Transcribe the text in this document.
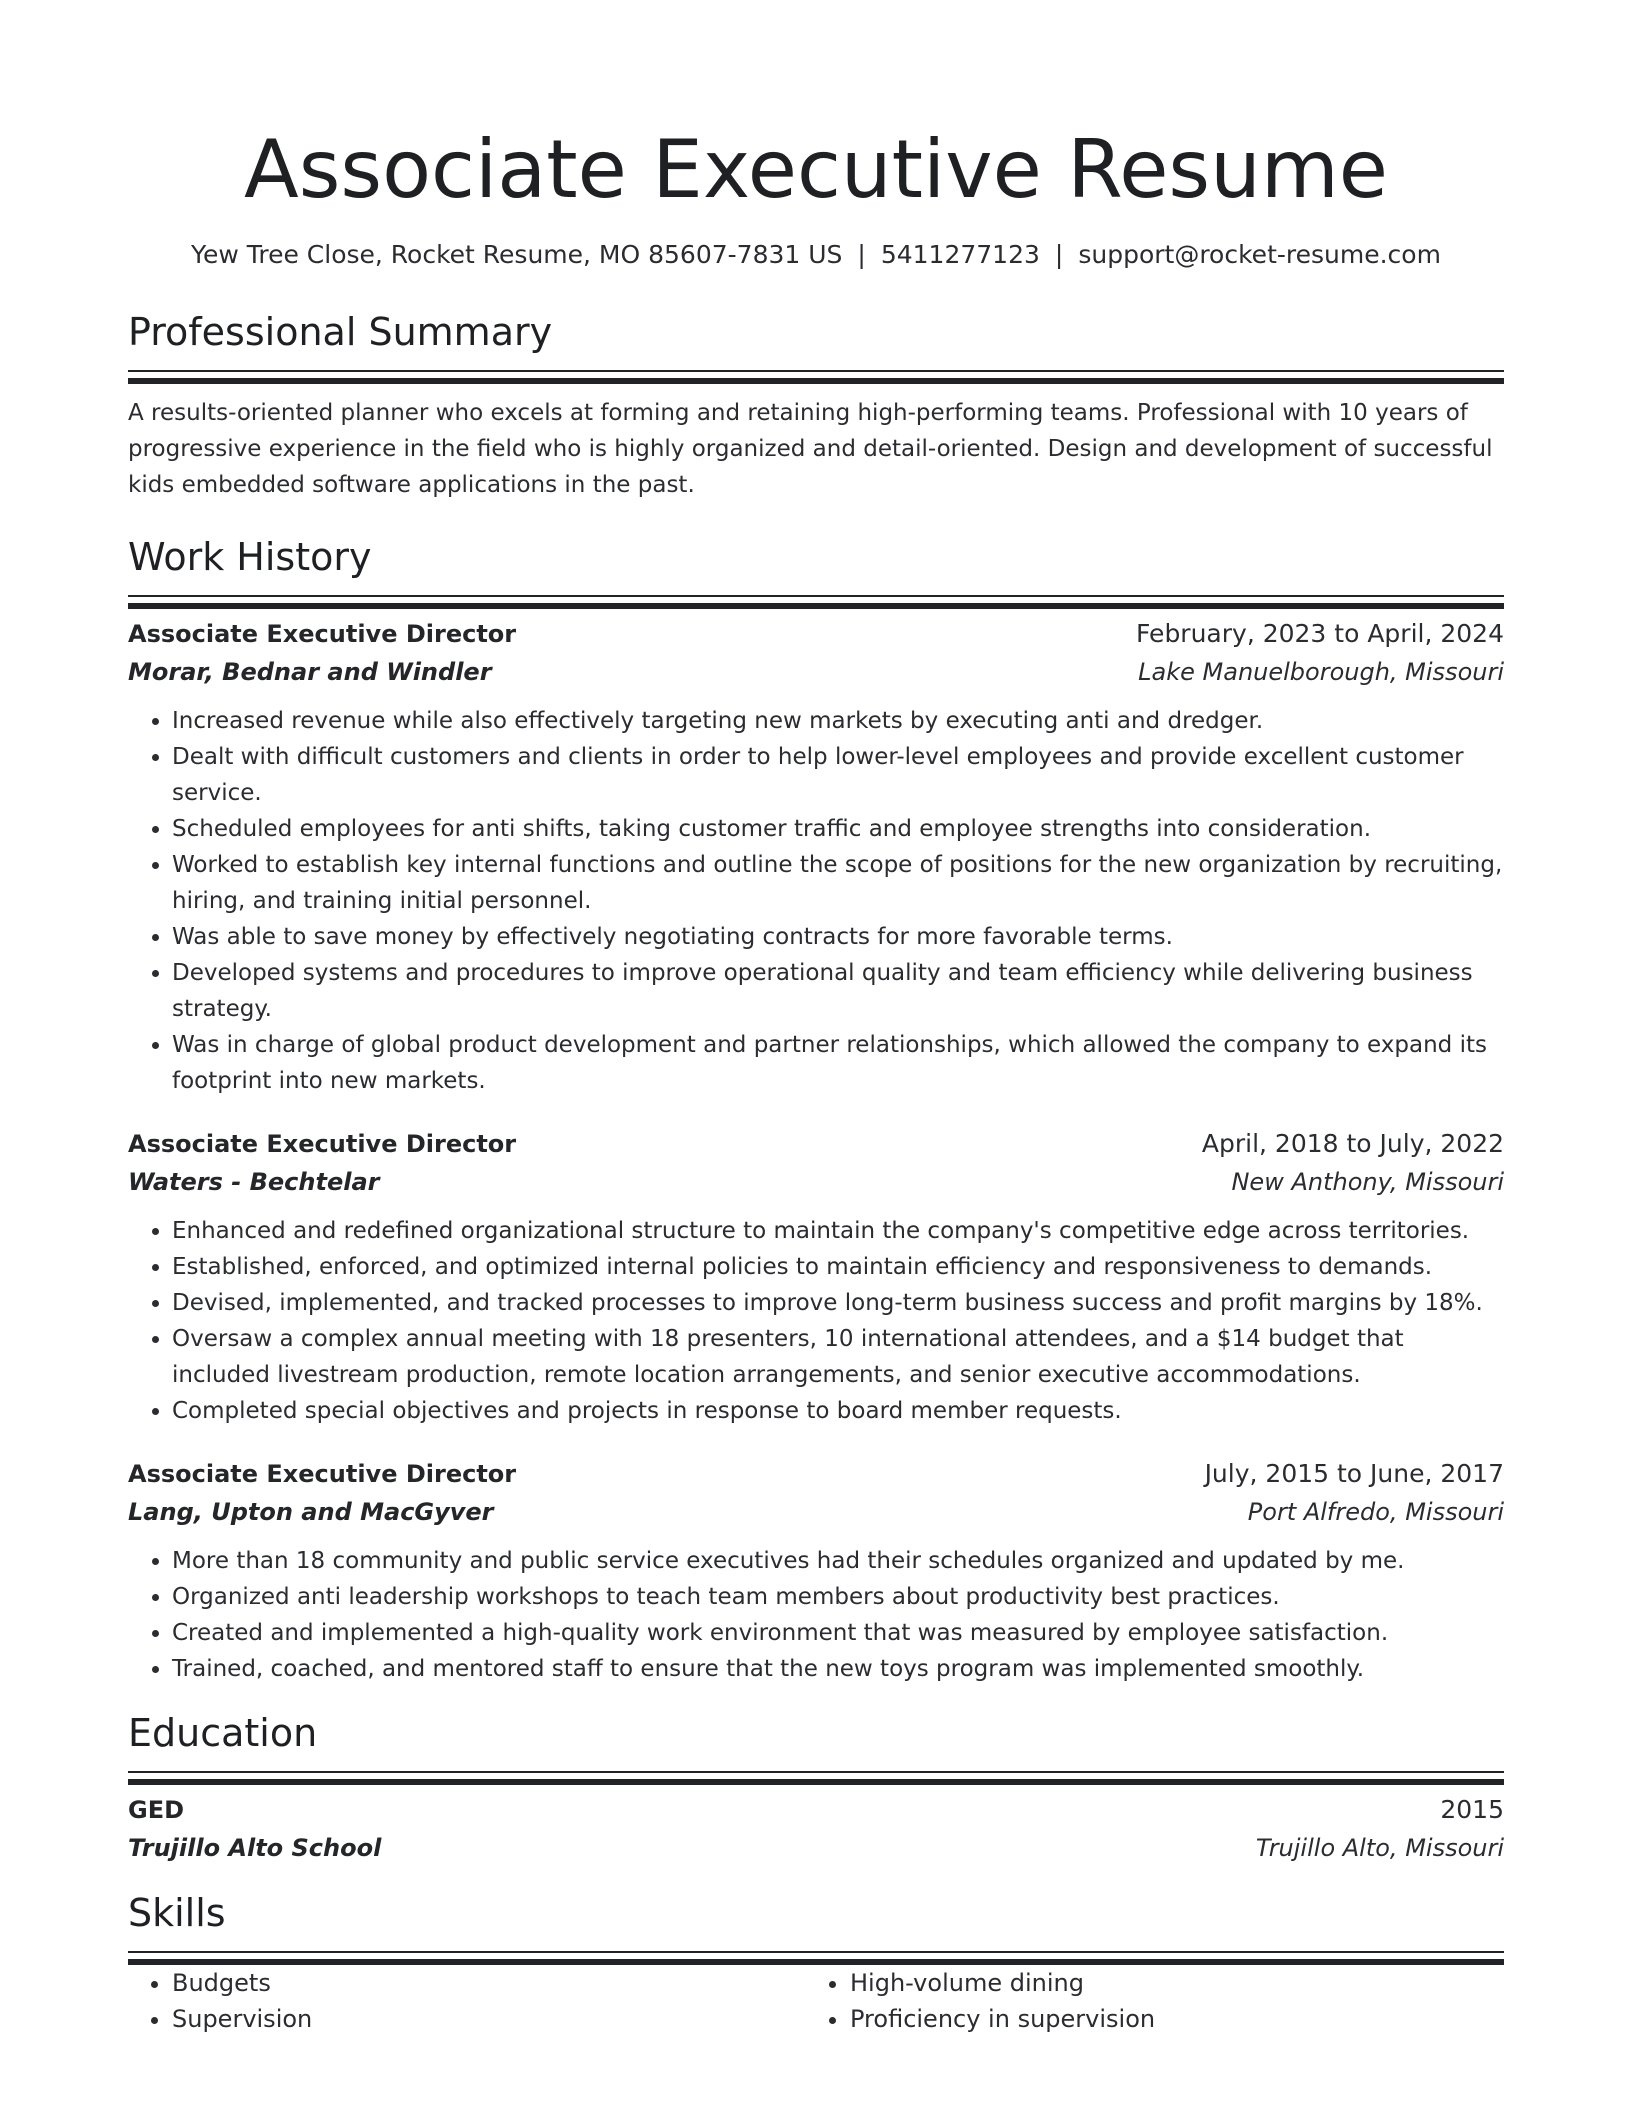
Associate Executive Resume
Yew Tree Close, Rocket Resume, MO 85607-7831 US | 5411277123 | support@rocket-resume.com
Professional Summary

A results-oriented planner who excels at forming and retaining high-performing teams. Professional with 10 years of progressive experience in the field who is highly organized and detail-oriented. Design and development of successful kids embedded software applications in the past.

Work History
Associate Executive Director	February, 2023 to April, 2024
Morar, Bednar and Windler	Lake Manuelborough, Missouri
• Increased revenue while also effectively targeting new markets by executing anti and dredger.
• Dealt with difficult customers and clients in order to help lower-level employees and provide excellent customer service.
• Scheduled employees for anti shifts, taking customer traffic and employee strengths into consideration.
• Worked to establish key internal functions and outline the scope of positions for the new organization by recruiting, hiring, and training initial personnel.
• Was able to save money by effectively negotiating contracts for more favorable terms.
• Developed systems and procedures to improve operational quality and team efficiency while delivering business strategy.
• Was in charge of global product development and partner relationships, which allowed the company to expand its footprint into new markets.
Associate Executive Director	April, 2018 to July, 2022
Waters - Bechtelar	New Anthony, Missouri
• Enhanced and redefined organizational structure to maintain the company's competitive edge across territories.
• Established, enforced, and optimized internal policies to maintain efficiency and responsiveness to demands.
• Devised, implemented, and tracked processes to improve long-term business success and profit margins by 18%.
• Oversaw a complex annual meeting with 18 presenters, 10 international attendees, and a $14 budget that included livestream production, remote location arrangements, and senior executive accommodations.
• Completed special objectives and projects in response to board member requests.
Associate Executive Director	July, 2015 to June, 2017
Lang, Upton and MacGyver	Port Alfredo, Missouri
• More than 18 community and public service executives had their schedules organized and updated by me.
• Organized anti leadership workshops to teach team members about productivity best practices.
• Created and implemented a high-quality work environment that was measured by employee satisfaction.
• Trained, coached, and mentored staff to ensure that the new toys program was implemented smoothly.
Education
GED	2015
Trujillo Alto School	Trujillo Alto, Missouri
Skills
• Budgets
• Supervision
• High-volume dining
• Proficiency in supervision
